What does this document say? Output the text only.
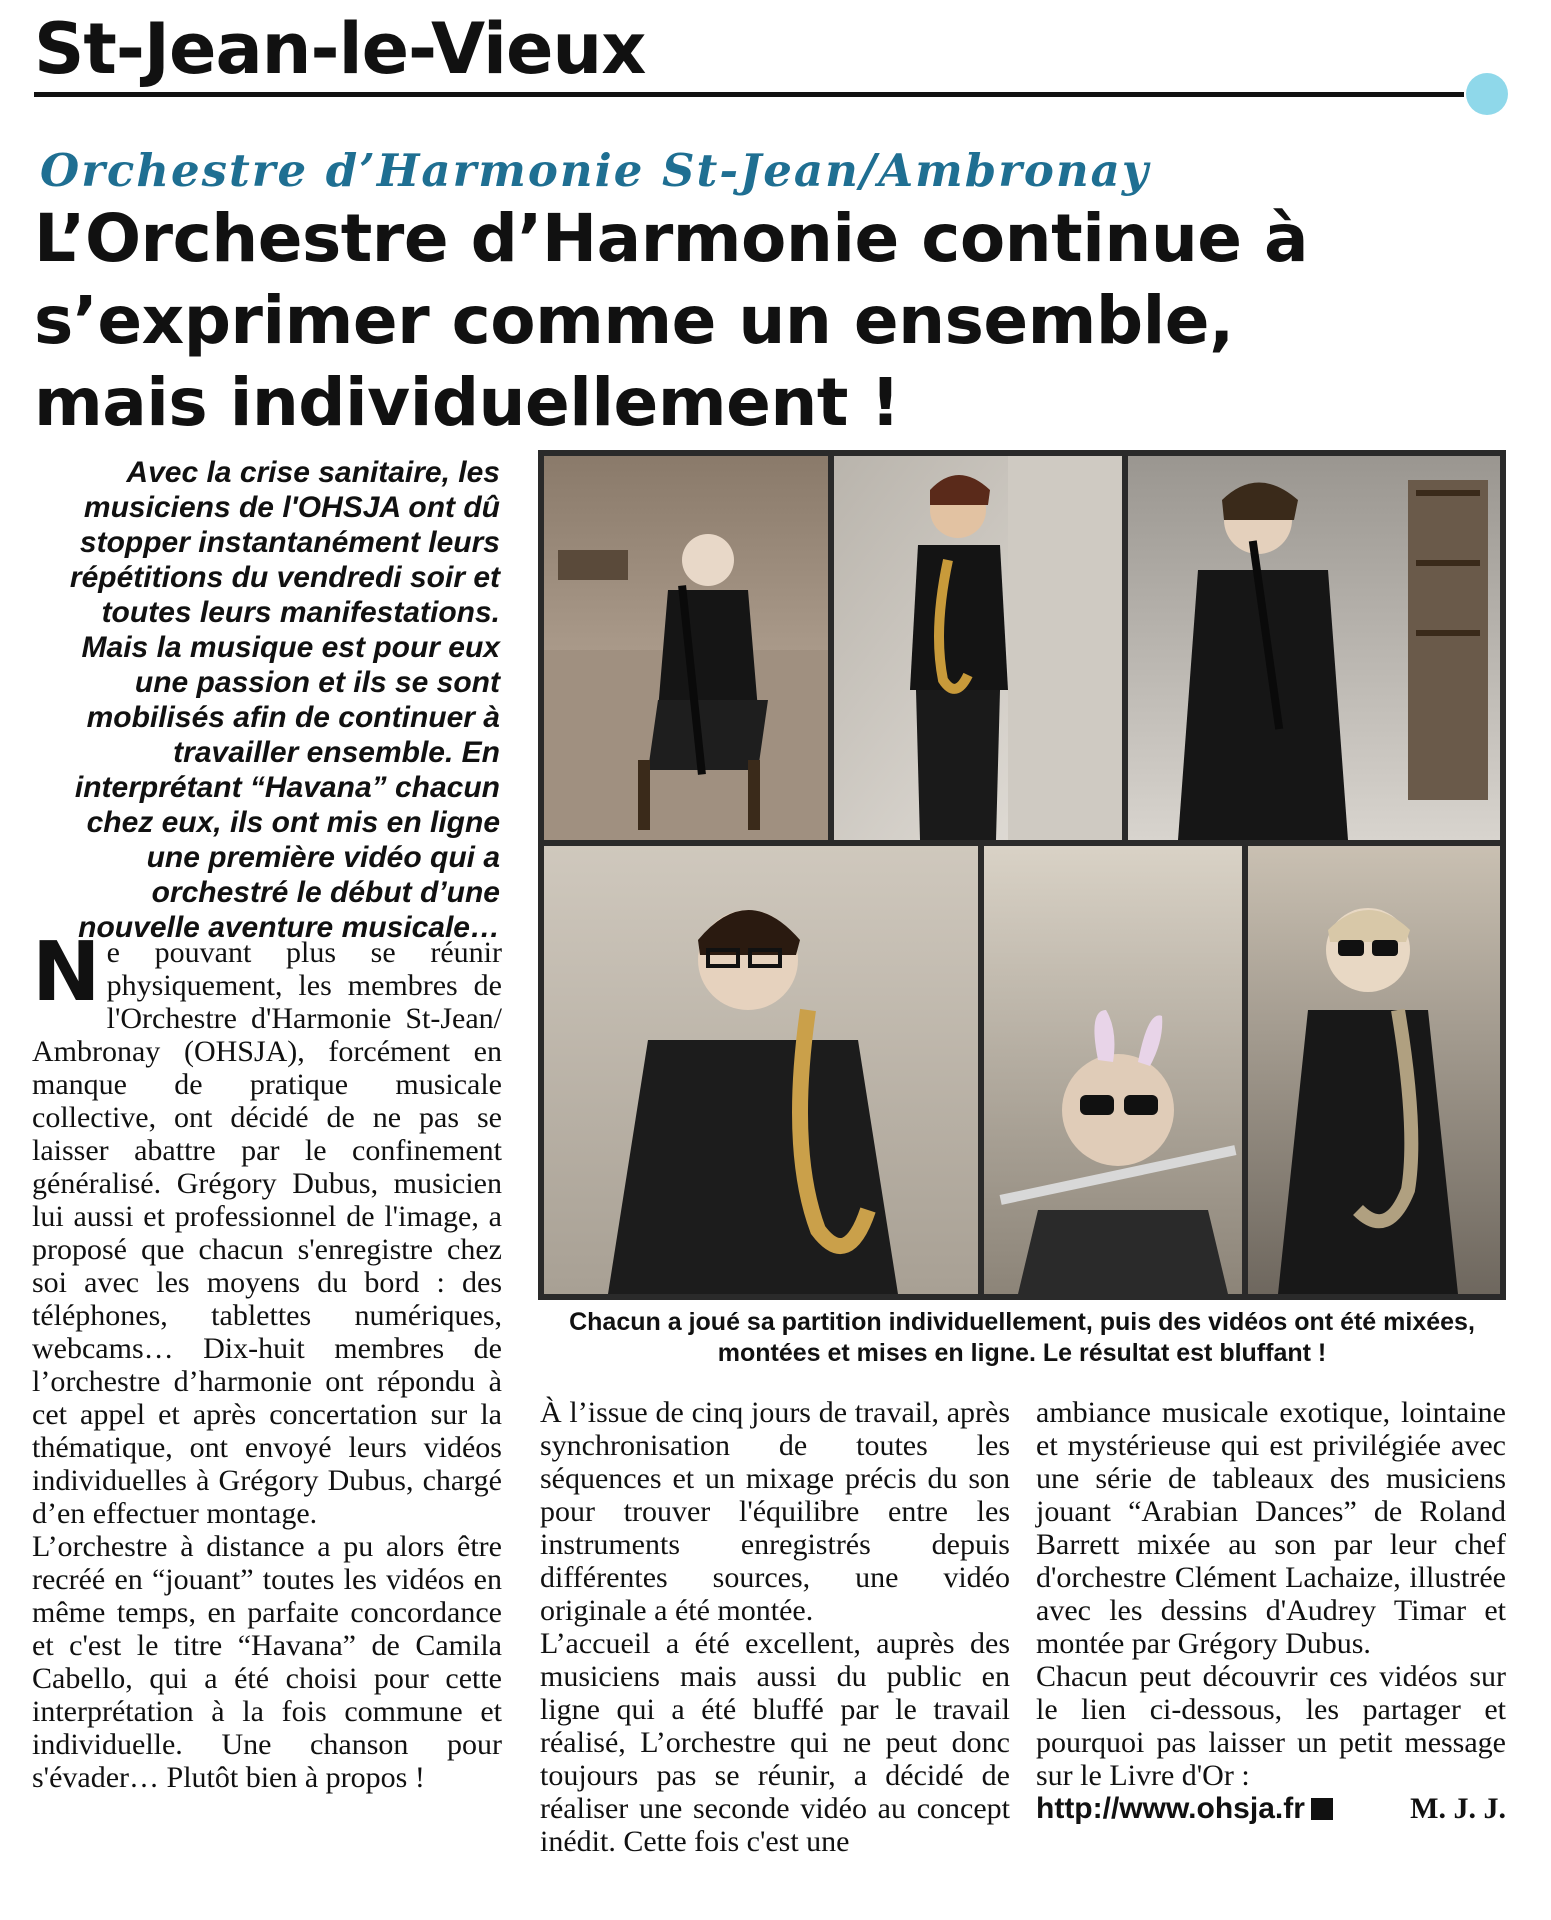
St-Jean-le-Vieux
Orchestre d’Harmonie St-Jean/Ambronay
L’Orchestre d’Harmonie continue à
s’exprimer comme un ensemble,
mais individuellement !
Avec la crise sanitaire, les musiciens de l'OHSJA ont dû stopper instantanément leurs répétitions du vendredi soir et toutes leurs manifestations. Mais la musique est pour eux une passion et ils se sont mobilisés afin de continuer à travailler ensemble. En interprétant “Havana” chacun chez eux, ils ont mis en ligne une première vidéo qui a orchestré le début d’une nouvelle aventure musicale…

Ne pouvant plus se réunir physiquement, les membres de l'Orchestre d'Harmonie St-Jean/ Ambronay (OHSJA), forcément en manque de pratique musicale collective, ont décidé de ne pas se laisser abattre par le confinement généralisé. Grégory Dubus, musicien lui aussi et professionnel de l'image, a proposé que chacun s'enregistre chez soi avec les moyens du bord : des téléphones, tablettes numériques, webcams… Dix-huit membres de l’orchestre d’harmonie ont répondu à cet appel et après concertation sur la thématique, ont envoyé leurs vidéos individuelles à Grégory Dubus, chargé d’en effectuer montage.

L’orchestre à distance a pu alors être recréé en “jouant” toutes les vidéos en même temps, en parfaite concordance et c'est le titre “Havana” de Camila Cabello, qui a été choisi pour cette interprétation à la fois commune et individuelle. Une chanson pour s'évader… Plutôt bien à propos !

Chacun a joué sa partition individuellement, puis des vidéos ont été mixées, montées et mises en ligne. Le résultat est bluffant !

À l’issue de cinq jours de travail, après synchronisation de toutes les séquences et un mixage précis du son pour trouver l'équilibre entre les instruments enregistrés depuis différentes sources, une vidéo originale a été montée.

L’accueil a été excellent, auprès des musiciens mais aussi du public en ligne qui a été bluffé par le travail réalisé, L’orchestre qui ne peut donc toujours pas se réunir, a décidé de réaliser une seconde vidéo au concept inédit. Cette fois c'est une

ambiance musicale exotique, lointaine et mystérieuse qui est privilégiée avec une série de tableaux des musiciens jouant “Arabian Dances” de Roland Barrett mixée au son par leur chef d'orchestre Clément Lachaize, illustrée avec les dessins d'Audrey Timar et montée par Grégory Dubus.

Chacun peut découvrir ces vidéos sur le lien ci-dessous, les partager et pourquoi pas laisser un petit message sur le Livre d'Or :

http://www.ohsja.fr	M. J. J.
